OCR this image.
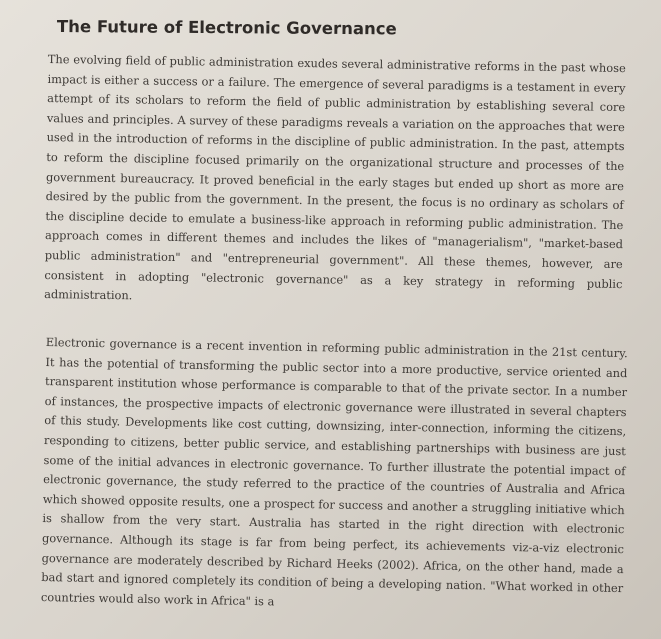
The Future of Electronic Governance

The evolving field of public administration exudes several administrative reforms in the past whose impact is either a success or a failure. The emergence of several paradigms is a testament in every attempt of its scholars to reform the field of public administration by establishing several core values and principles. A survey of these paradigms reveals a variation on the approaches that were used in the introduction of reforms in the discipline of public administration. In the past, attempts to reform the discipline focused primarily on the organizational structure and processes of the government bureaucracy. It proved beneficial in the early stages but ended up short as more are desired by the public from the government. In the present, the focus is no ordinary as scholars of the discipline decide to emulate a business-like approach in reforming public administration. The approach comes in different themes and includes the likes of "managerialism", "market-based public administration" and "entrepreneurial government". All these themes, however, are consistent in adopting "electronic governance" as a key strategy in reforming public administration.

Electronic governance is a recent invention in reforming public administration in the 21st century. It has the potential of transforming the public sector into a more productive, service oriented and transparent institution whose performance is comparable to that of the private sector. In a number of instances, the prospective impacts of electronic governance were illustrated in several chapters of this study. Developments like cost cutting, downsizing, inter-connection, informing the citizens, responding to citizens, better public service, and establishing partnerships with business are just some of the initial advances in electronic governance. To further illustrate the potential impact of electronic governance, the study referred to the practice of the countries of Australia and Africa which showed opposite results, one a prospect for success and another a struggling initiative which is shallow from the very start. Australia has started in the right direction with electronic governance. Although its stage is far from being perfect, its achievements viz-a-viz electronic governance are moderately described by Richard Heeks (2002). Africa, on the other hand, made a bad start and ignored completely its condition of being a developing nation. "What worked in other countries would also work in Africa" is a
